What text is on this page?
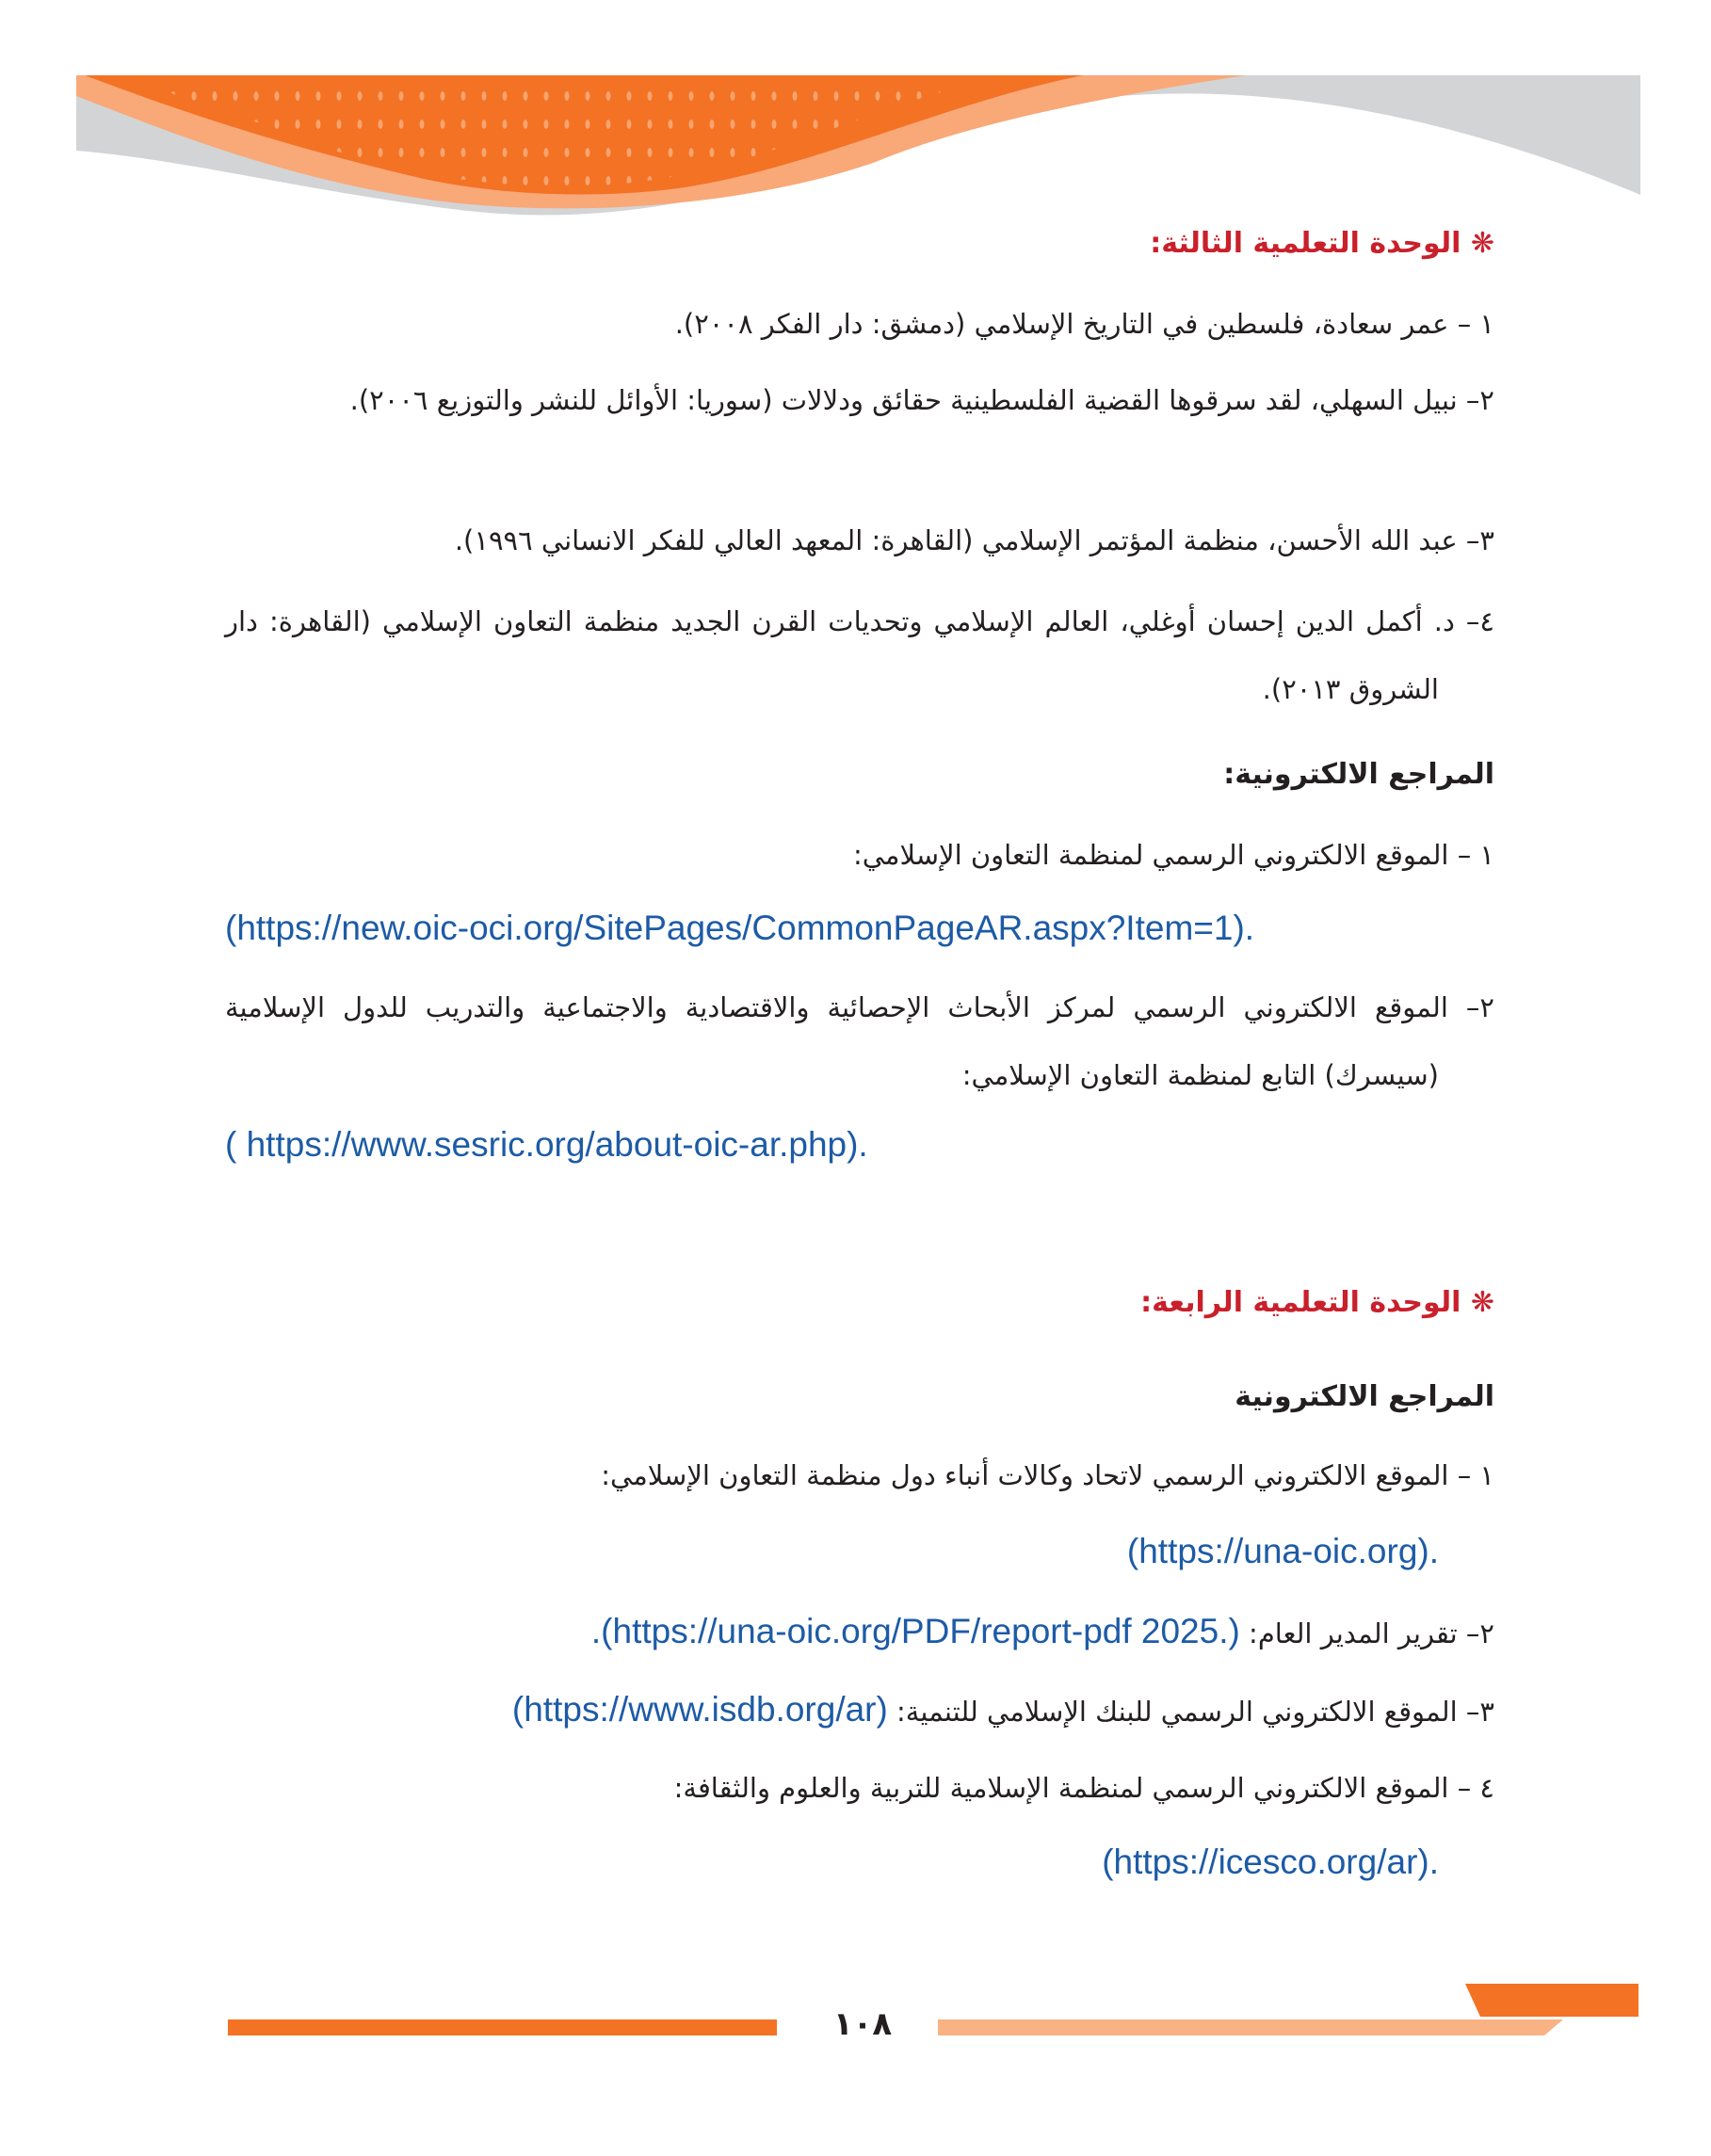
❋ الوحدة التعلمية الثالثة:
١ – عمر سعادة، فلسطين في التاريخ الإسلامي (دمشق: دار الفكر ٢٠٠٨).
٢– نبيل السهلي، لقد سرقوها القضية الفلسطينية حقائق ودلالات (سوريا: الأوائل للنشر والتوزيع ٢٠٠٦).
٣– عبد الله الأحسن، منظمة المؤتمر الإسلامي (القاهرة: المعهد العالي للفكر الانساني ١٩٩٦).
٤– د. أكمل الدين إحسان أوغلي، العالم الإسلامي وتحديات القرن الجديد منظمة التعاون الإسلامي (القاهرة: دار الشروق ٢٠١٣).
المراجع الالكترونية:
١ – الموقع الالكتروني الرسمي لمنظمة التعاون الإسلامي:
(https://new.oic-oci.org/SitePages/CommonPageAR.aspx?Item=1).
٢– الموقع الالكتروني الرسمي لمركز الأبحاث الإحصائية والاقتصادية والاجتماعية والتدريب للدول الإسلامية (سيسرك) التابع لمنظمة التعاون الإسلامي:
( https://www.sesric.org/about-oic-ar.php).
❋ الوحدة التعلمية الرابعة:
المراجع الالكترونية
١ – الموقع الالكتروني الرسمي لاتحاد وكالات أنباء دول منظمة التعاون الإسلامي:
(https://una-oic.org).
٢– تقرير المدير العام: .(https://una-oic.org/PDF/report-pdf 2025.)
٣– الموقع الالكتروني الرسمي للبنك الإسلامي للتنمية: (https://www.isdb.org/ar)
٤ – الموقع الالكتروني الرسمي لمنظمة الإسلامية للتربية والعلوم والثقافة:
(https://icesco.org/ar).
١٠٨
